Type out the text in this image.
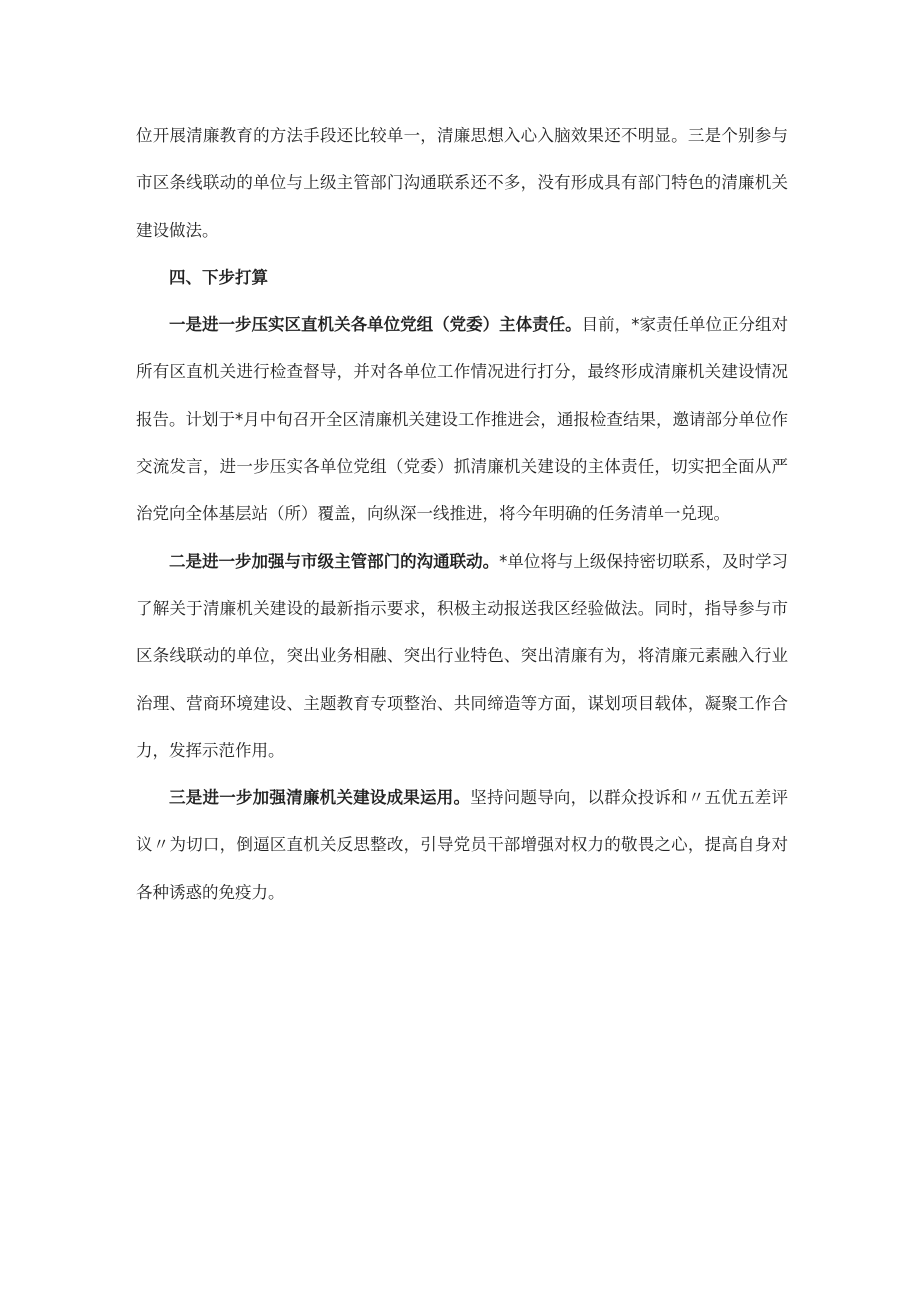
位开展清廉教育的方法手段还比较单一，清廉思想入心入脑效果还不明显。三是个别参与市区条线联动的单位与上级主管部门沟通联系还不多，没有形成具有部门特色的清廉机关建设做法。

四、下步打算

一是进一步压实区直机关各单位党组（党委）主体责任。目前，*家责任单位正分组对所有区直机关进行检查督导，并对各单位工作情况进行打分，最终形成清廉机关建设情况报告。计划于*月中旬召开全区清廉机关建设工作推进会，通报检查结果，邀请部分单位作交流发言，进一步压实各单位党组（党委）抓清廉机关建设的主体责任，切实把全面从严治党向全体基层站（所）覆盖，向纵深一线推进，将今年明确的任务清单一兑现。

二是进一步加强与市级主管部门的沟通联动。*单位将与上级保持密切联系，及时学习了解关于清廉机关建设的最新指示要求，积极主动报送我区经验做法。同时，指导参与市区条线联动的单位，突出业务相融、突出行业特色、突出清廉有为，将清廉元素融入行业治理、营商环境建设、主题教育专项整治、共同缔造等方面，谋划项目载体，凝聚工作合力，发挥示范作用。

三是进一步加强清廉机关建设成果运用。坚持问题导向，以群众投诉和〃五优五差评议〃为切口，倒逼区直机关反思整改，引导党员干部增强对权力的敬畏之心，提高自身对各种诱惑的免疫力。
